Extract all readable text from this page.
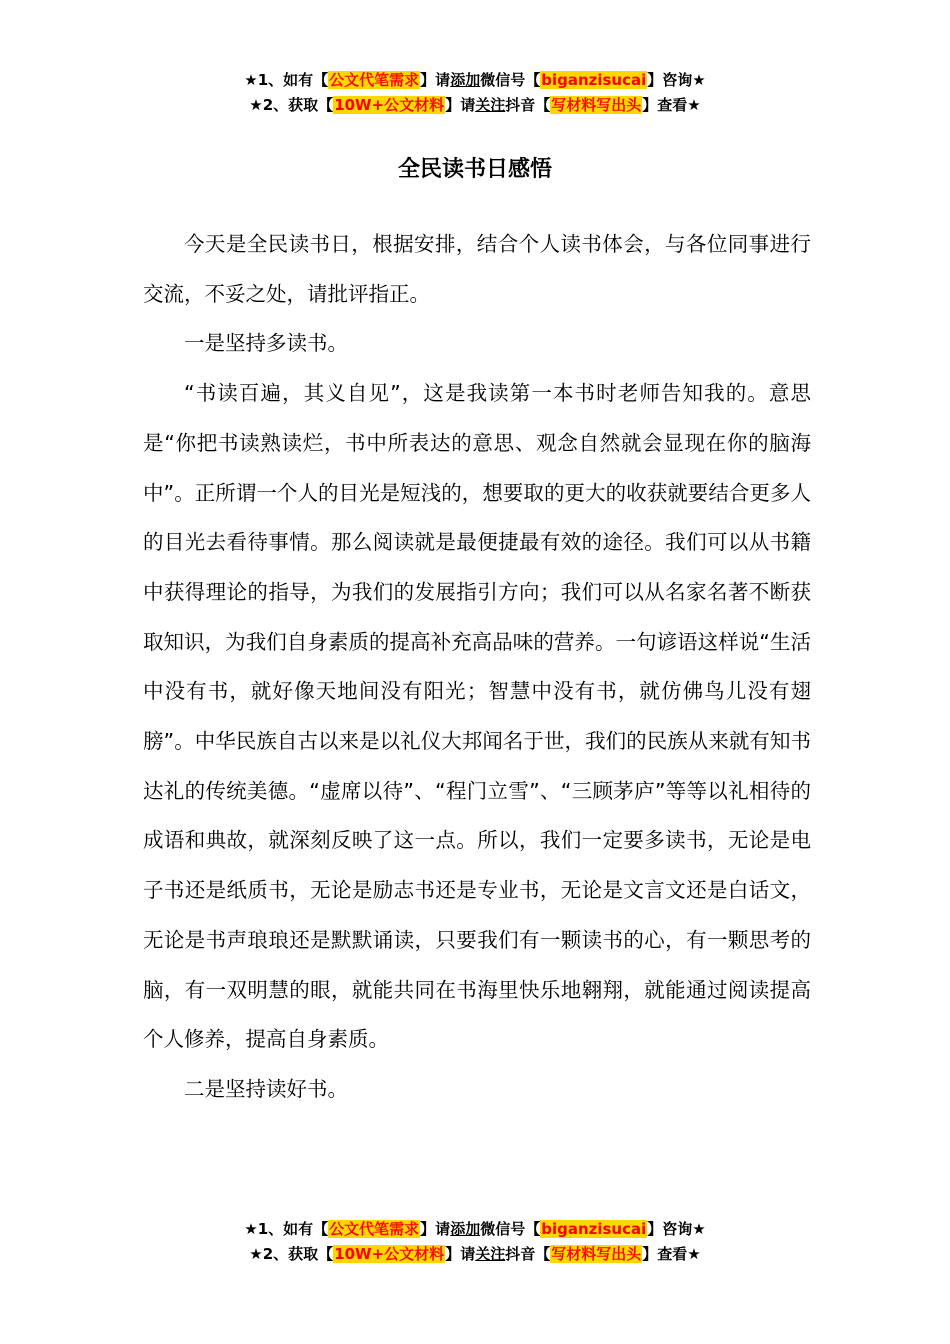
★1、如有【公文代笔需求】请添加微信号【biganzisucai】咨询★
★2、获取【10W+公文材料】请关注抖音【写材料写出头】查看★
全民读书日感悟

今天是全民读书日，根据安排，结合个人读书体会，与各位同事进行交流，不妥之处，请批评指正。

一是坚持多读书。

“书读百遍，其义自见”，这是我读第一本书时老师告知我的。意思是“你把书读熟读烂，书中所表达的意思、观念自然就会显现在你的脑海中”。正所谓一个人的目光是短浅的，想要取的更大的收获就要结合更多人的目光去看待事情。那么阅读就是最便捷最有效的途径。我们可以从书籍中获得理论的指导，为我们的发展指引方向；我们可以从名家名著不断获取知识，为我们自身素质的提高补充高品味的营养。一句谚语这样说“生活中没有书，就好像天地间没有阳光；智慧中没有书，就仿佛鸟儿没有翅膀”。中华民族自古以来是以礼仪大邦闻名于世，我们的民族从来就有知书达礼的传统美德。“虚席以待”、“程门立雪”、“三顾茅庐”等等以礼相待的成语和典故，就深刻反映了这一点。所以，我们一定要多读书，无论是电子书还是纸质书，无论是励志书还是专业书，无论是文言文还是白话文，无论是书声琅琅还是默默诵读，只要我们有一颗读书的心，有一颗思考的脑，有一双明慧的眼，就能共同在书海里快乐地翱翔，就能通过阅读提高个人修养，提高自身素质。

二是坚持读好书。

★1、如有【公文代笔需求】请添加微信号【biganzisucai】咨询★
★2、获取【10W+公文材料】请关注抖音【写材料写出头】查看★
